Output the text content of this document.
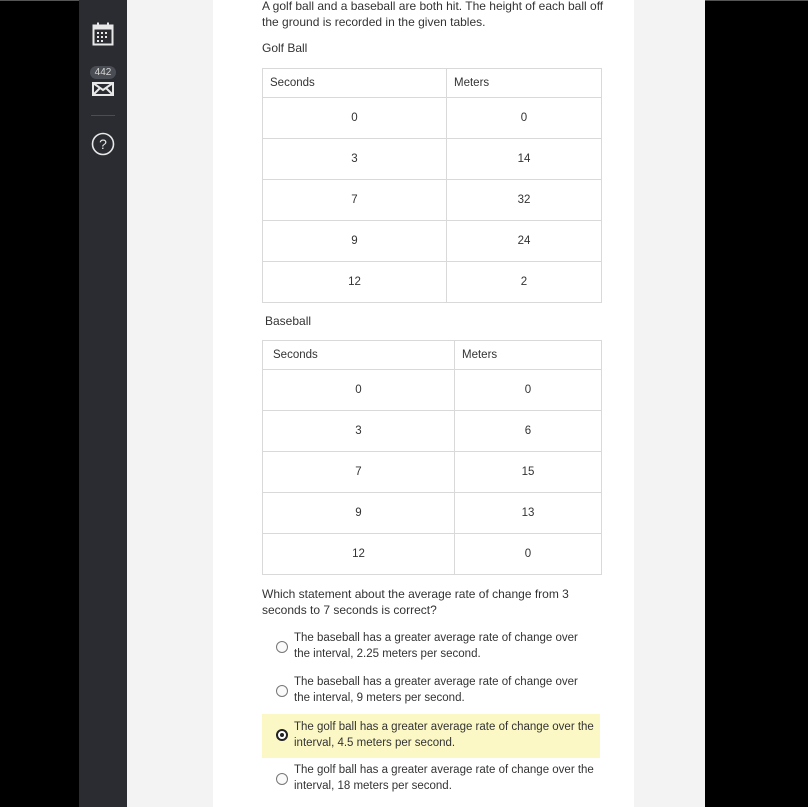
442
?

A golf ball and a baseball are both hit. The height of each ball off the ground is recorded in the given tables.

Golf Ball
Seconds	Meters
0	0
3	14
7	32
9	24
12	2
Baseball
Seconds	Meters
0	0
3	6
7	15
9	13
12	0

Which statement about the average rate of change from 3 seconds to 7 seconds is correct?

The baseball has a greater average rate of change over the interval, 2.25 meters per second.
The baseball has a greater average rate of change over the interval, 9 meters per second.
The golf ball has a greater average rate of change over the interval, 4.5 meters per second.
The golf ball has a greater average rate of change over the interval, 18 meters per second.
